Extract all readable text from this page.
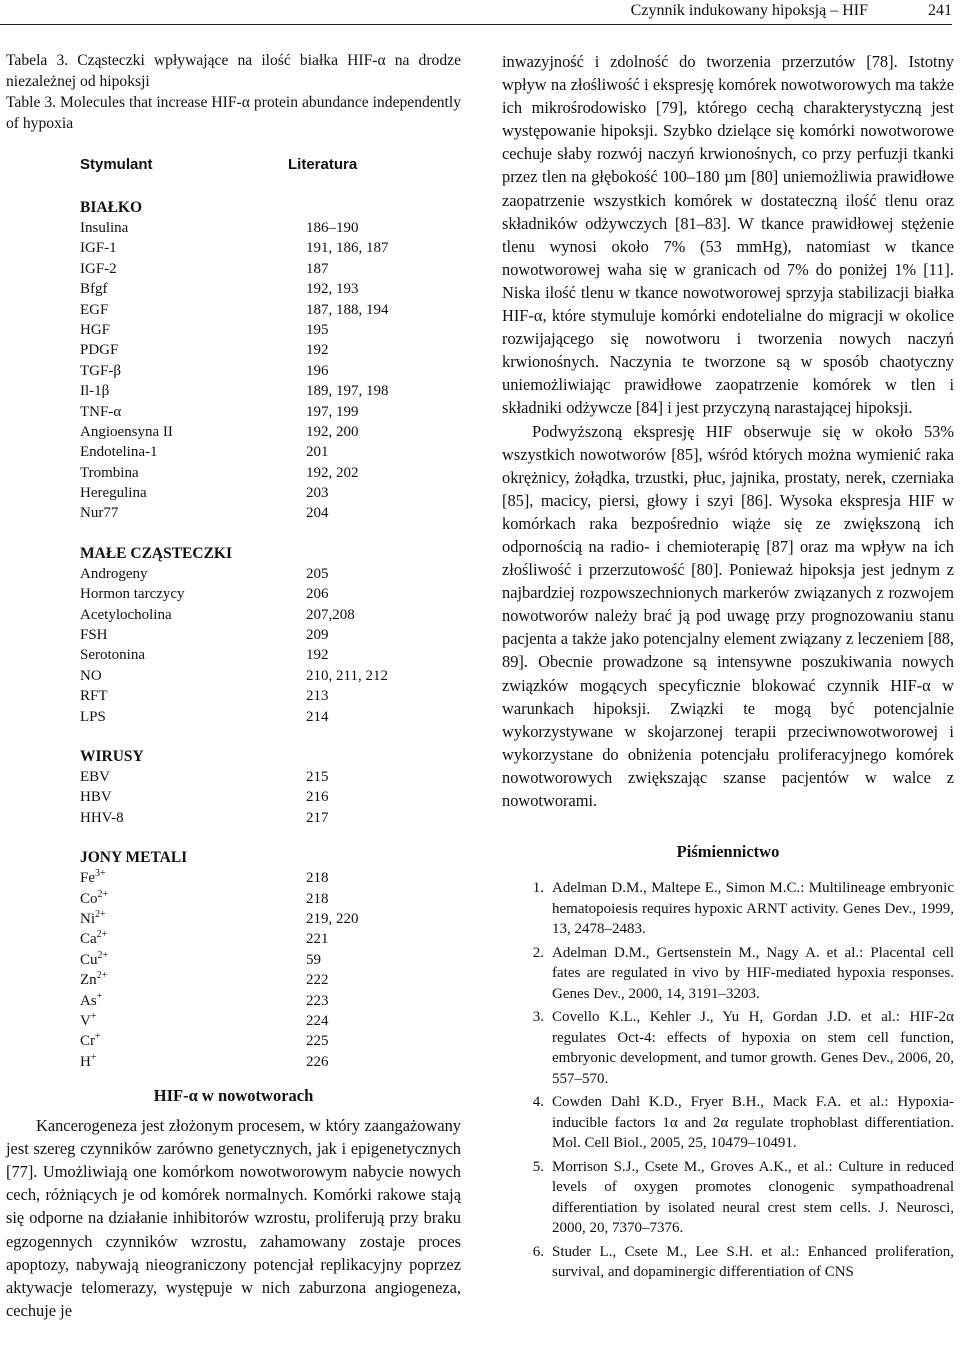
Czynnik indukowany hipoksją – HIF	241
Tabela 3. Cząsteczki wpływające na ilość białka HIF-α na drodze niezależnej od hipoksji
Table 3. Molecules that increase HIF-α protein abundance independently of hypoxia
Stymulant	Literatura
BIAŁKO
Insulina	186–190
IGF-1	191, 186, 187
IGF-2	187
Bfgf	192, 193
EGF	187, 188, 194
HGF	195
PDGF	192
TGF-β	196
Il-1β	189, 197, 198
TNF-α	197, 199
Angioensyna II	192, 200
Endotelina-1	201
Trombina	192, 202
Heregulina	203
Nur77	204
MAŁE CZĄSTECZKI
Androgeny	205
Hormon tarczycy	206
Acetylocholina	207,208
FSH	209
Serotonina	192
NO	210, 211, 212
RFT	213
LPS	214
WIRUSY
EBV	215
HBV	216
HHV-8	217
JONY METALI
$Fe^{3+}$	218
$Co^{2+}$	218
$Ni^{2+}$	219, 220
$Ca^{2+}$	221
$Cu^{2+}$	59
$Zn^{2+}$	222
As+	223
V+	224
Cr+	225
H+	226
HIF-α w nowotworach

Kancerogeneza jest złożonym procesem, w który zaangażowany jest szereg czynników zarówno genetycznych, jak i epigenetycznych [77]. Umożliwiają one komórkom nowotworowym nabycie nowych cech, różniących je od komórek normalnych. Komórki rakowe stają się odporne na działanie inhibitorów wzrostu, proliferują przy braku egzogennych czynników wzrostu, zahamowany zostaje proces apoptozy, nabywają nieograniczony potencjał replikacyjny poprzez aktywacje telomerazy, występuje w nich zaburzona angiogeneza, cechuje je

inwazyjność i zdolność do tworzenia przerzutów [78]. Istotny wpływ na złośliwość i ekspresję komórek nowotworowych ma także ich mikrośrodowisko [79], którego cechą charakterystyczną jest występowanie hipoksji. Szybko dzielące się komórki nowotworowe cechuje słaby rozwój naczyń krwionośnych, co przy perfuzji tkanki przez tlen na głębokość 100–180 µm [80] uniemożliwia prawidłowe zaopatrzenie wszystkich komórek w dostateczną ilość tlenu oraz składników odżywczych [81–83]. W tkance prawidłowej stężenie tlenu wynosi około 7% (53 mmHg), natomiast w tkance nowotworowej waha się w granicach od 7% do poniżej 1% [11]. Niska ilość tlenu w tkance nowotworowej sprzyja stabilizacji białka HIF-α, które stymuluje komórki endotelialne do migracji w okolice rozwijającego się nowotworu i tworzenia nowych naczyń krwionośnych. Naczynia te tworzone są w sposób chaotyczny uniemożliwiając prawidłowe zaopatrzenie komórek w tlen i składniki odżywcze [84] i jest przyczyną narastającej hipoksji.

Podwyższoną ekspresję HIF obserwuje się w około 53% wszystkich nowotworów [85], wśród których można wymienić raka okrężnicy, żołądka, trzustki, płuc, jajnika, prostaty, nerek, czerniaka [85], macicy, piersi, głowy i szyi [86]. Wysoka ekspresja HIF w komórkach raka bezpośrednio wiąże się ze zwiększoną ich odpornością na radio- i chemioterapię [87] oraz ma wpływ na ich złośliwość i przerzutowość [80]. Ponieważ hipoksja jest jednym z najbardziej rozpowszechnionych markerów związanych z rozwojem nowotworów należy brać ją pod uwagę przy prognozowaniu stanu pacjenta a także jako potencjalny element związany z leczeniem [88, 89]. Obecnie prowadzone są intensywne poszukiwania nowych związków mogących specyficznie blokować czynnik HIF-α w warunkach hipoksji. Związki te mogą być potencjalnie wykorzystywane w skojarzonej terapii przeciwnowotworowej i wykorzystane do obniżenia potencjału proliferacyjnego komórek nowotworowych zwiększając szanse pacjentów w walce z nowotworami.

Piśmiennictwo
1. Adelman D.M., Maltepe E., Simon M.C.: Multilineage embryonic hematopoiesis requires hypoxic ARNT activity. Genes Dev., 1999, 13, 2478–2483.
2. Adelman D.M., Gertsenstein M., Nagy A. et al.: Placental cell fates are regulated in vivo by HIF-mediated hypoxia responses. Genes Dev., 2000, 14, 3191–3203.
3. Covello K.L., Kehler J., Yu H, Gordan J.D. et al.: HIF-2α regulates Oct-4: effects of hypoxia on stem cell function, embryonic development, and tumor growth. Genes Dev., 2006, 20, 557–570.
4. Cowden Dahl K.D., Fryer B.H., Mack F.A. et al.: Hypoxia-inducible factors 1α and 2α regulate trophoblast differentiation. Mol. Cell Biol., 2005, 25, 10479–10491.
5. Morrison S.J., Csete M., Groves A.K., et al.: Culture in reduced levels of oxygen promotes clonogenic sympathoadrenal differentiation by isolated neural crest stem cells. J. Neurosci, 2000, 20, 7370–7376.
6. Studer L., Csete M., Lee S.H. et al.: Enhanced proliferation, survival, and dopaminergic differentiation of CNS
